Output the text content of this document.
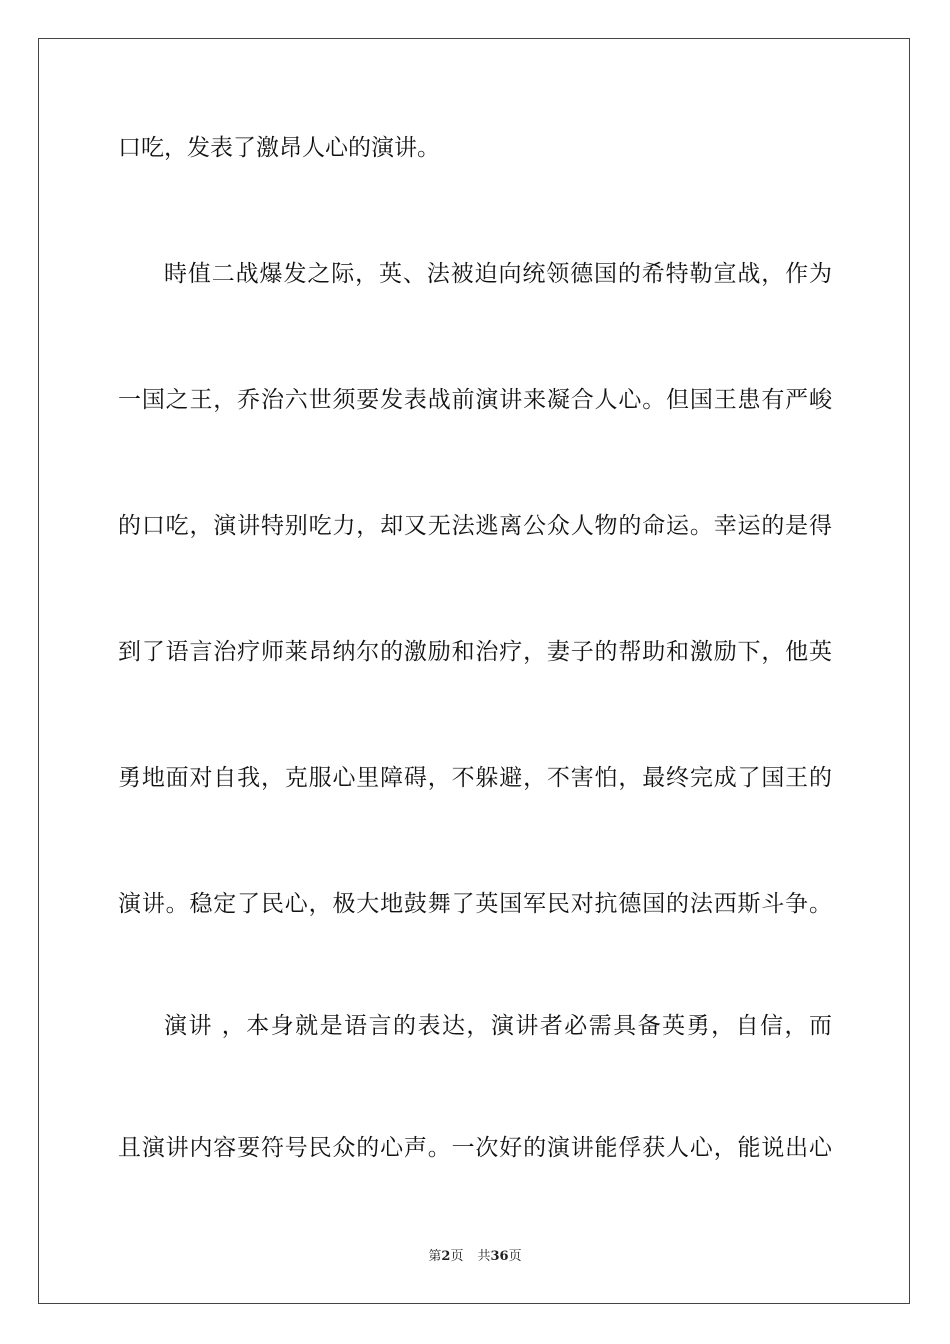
口吃，发表了激昂人心的演讲。
時值二战爆发之际，英、法被迫向统领德国的希特勒宣战，作为
一国之王，乔治六世须要发表战前演讲来凝合人心。但国王患有严峻
的口吃，演讲特别吃力，却又无法逃离公众人物的命运。幸运的是得
到了语言治疗师莱昂纳尔的激励和治疗，妻子的帮助和激励下，他英
勇地面对自我，克服心里障碍，不躲避，不害怕，最终完成了国王的
演讲。稳定了民心，极大地鼓舞了英国军民对抗德国的法西斯斗争。
演讲 ，本身就是语言的表达，演讲者必需具备英勇，自信，而
且演讲内容要符号民众的心声。一次好的演讲能俘获人心，能说出心
第2页 共36页
